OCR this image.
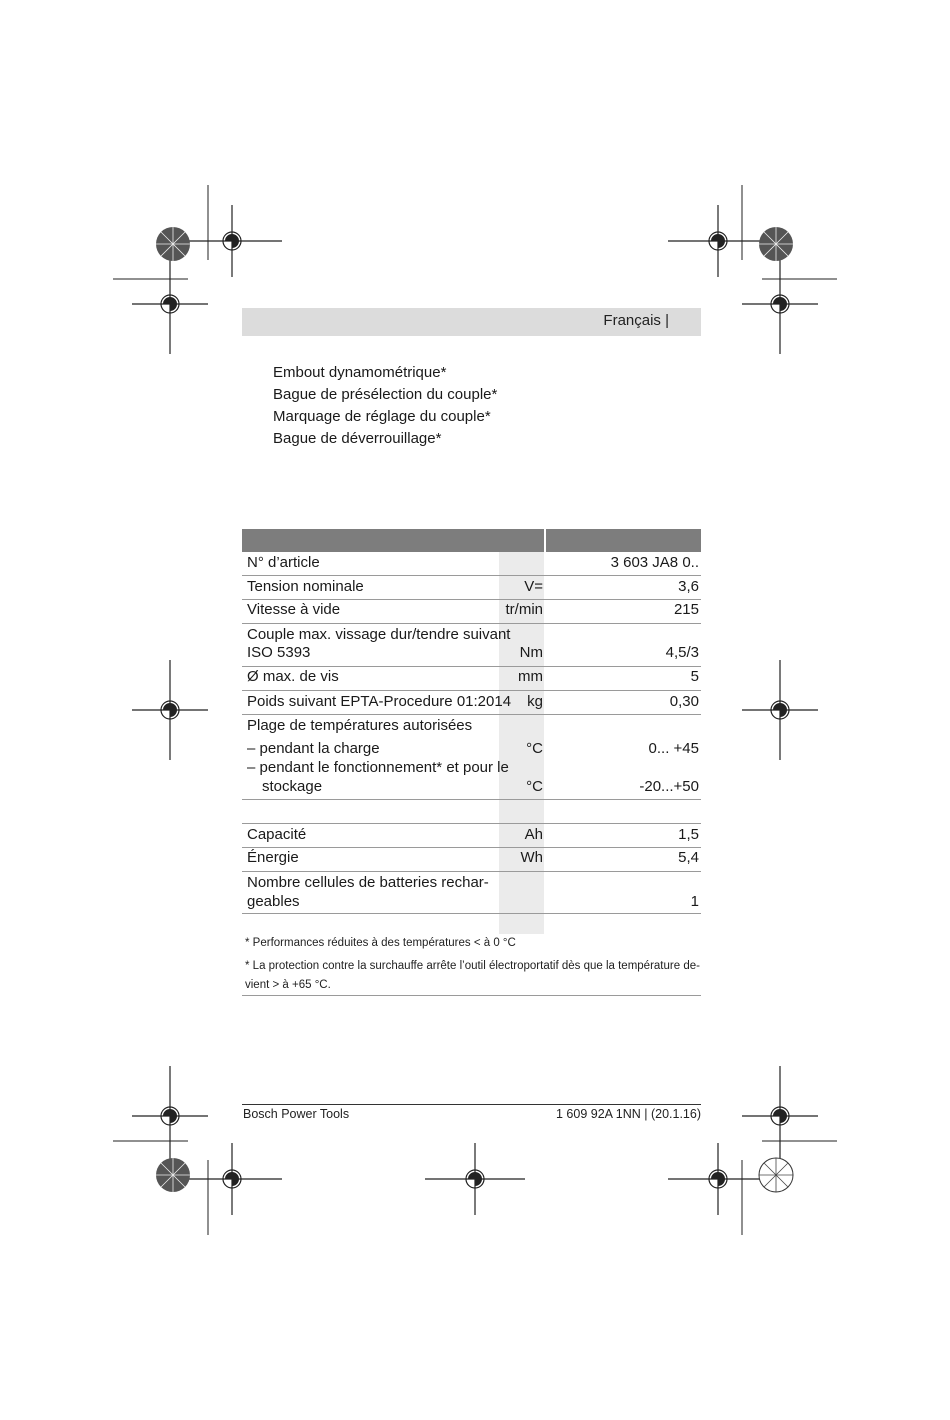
Français |
Embout dynamométrique*
Bague de présélection du couple*
Marquage de réglage du couple*
Bague de déverrouillage*
N° d’article	3 603 JA8 0..
Tension nominale	V=	3,6
Vitesse à vide	tr/min	215
Couple max. vissage dur/tendre suivant
ISO 5393	Nm	4,5/3
Ø max. de vis	mm	5
Poids suivant EPTA-Procedure 01:2014	kg	0,30
Plage de températures autorisées
– pendant la charge	°C	0... +45
– pendant le fonctionnement* et pour le
stockage	°C	-20...+50
Capacité	Ah	1,5
Énergie	Wh	5,4
Nombre cellules de batteries rechar-
geables	1
* Performances réduites à des températures < à 0 °C
* La protection contre la surchauffe arrête l’outil électroportatif dès que la température de-
vient > à +65 °C.
Bosch Power Tools	1 609 92A 1NN | (20.1.16)
